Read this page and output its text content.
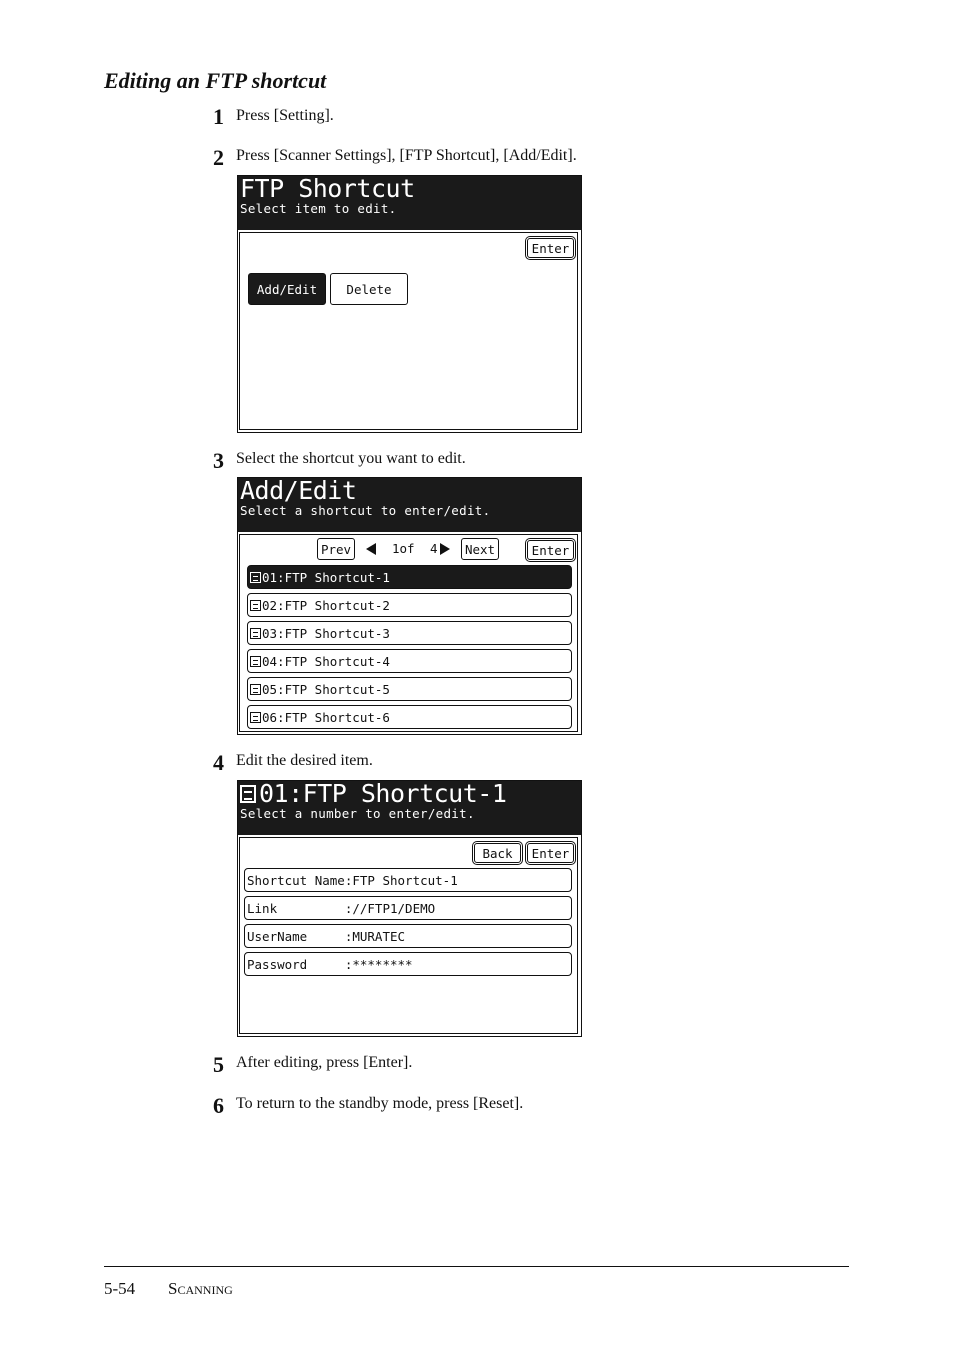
Editing an FTP shortcut
1 Press [Setting].
2 Press [Scanner Settings], [FTP Shortcut], [Add/Edit].
FTP Shortcut
Select item to edit.
Enter
Add/Edit	Delete
3 Select the shortcut you want to edit.
Add/Edit
Select a shortcut to enter/edit.
Prev	1of 4	Next	Enter
01:FTP Shortcut-1
02:FTP Shortcut-2
03:FTP Shortcut-3
04:FTP Shortcut-4
05:FTP Shortcut-5
06:FTP Shortcut-6
4 Edit the desired item.
01:FTP Shortcut-1
Select a number to enter/edit.
Back	Enter
Shortcut Name:FTP Shortcut-1
Link         ://FTP1/DEMO
UserName     :MURATEC
Password     :********
5 After editing, press [Enter].
6 To return to the standby mode, press [Reset].
5-54 Scanning
